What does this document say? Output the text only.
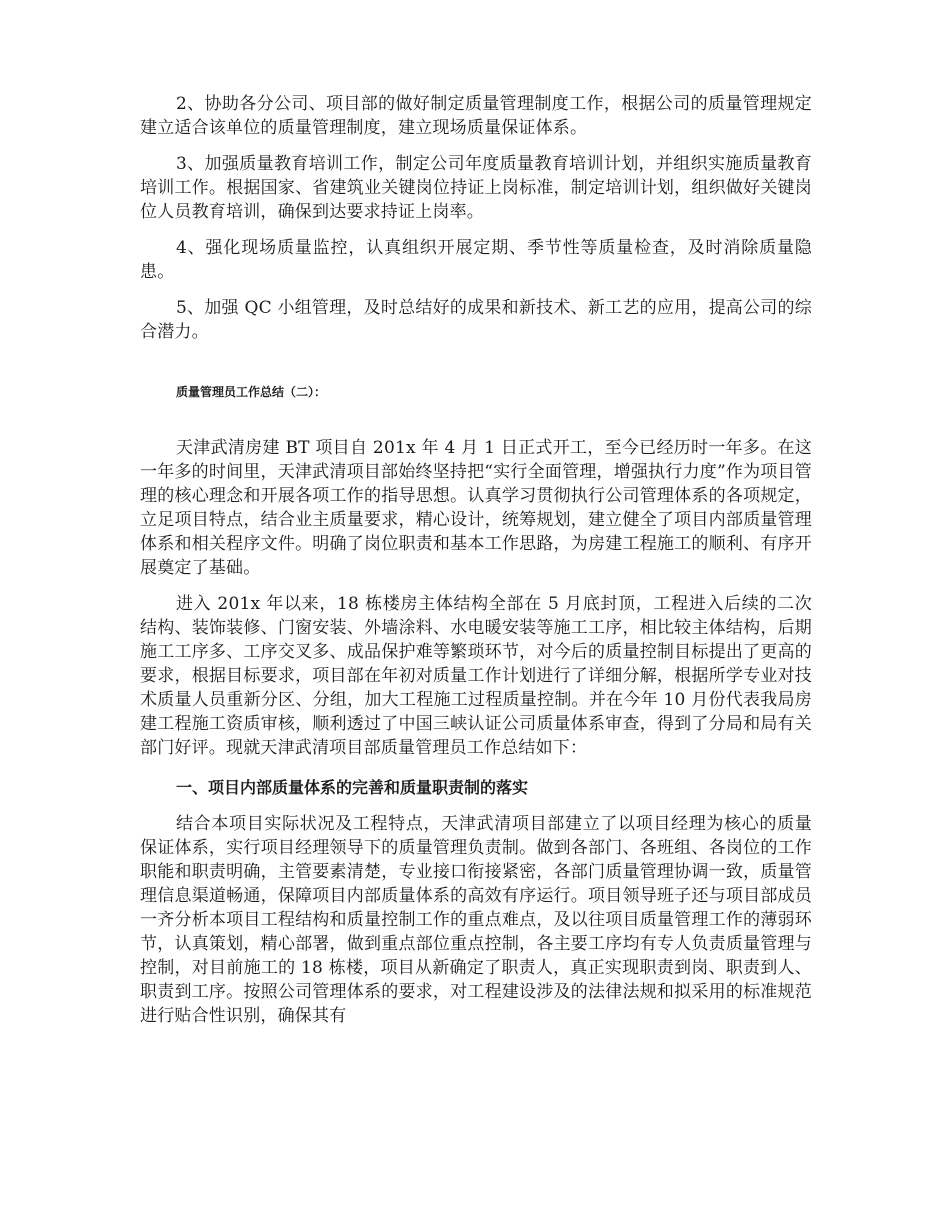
2、协助各分公司、项目部的做好制定质量管理制度工作，根据公司的质量管理规定建立适合该单位的质量管理制度，建立现场质量保证体系。

3、加强质量教育培训工作，制定公司年度质量教育培训计划，并组织实施质量教育培训工作。根据国家、省建筑业关键岗位持证上岗标准，制定培训计划，组织做好关键岗位人员教育培训，确保到达要求持证上岗率。

4、强化现场质量监控，认真组织开展定期、季节性等质量检查，及时消除质量隐患。

5、加强 QC 小组管理，及时总结好的成果和新技术、新工艺的应用，提高公司的综合潜力。

质量管理员工作总结（二）：

天津武清房建 BT 项目自 201x 年 4 月 1 日正式开工，至今已经历时一年多。在这一年多的时间里，天津武清项目部始终坚持把“实行全面管理，增强执行力度”作为项目管理的核心理念和开展各项工作的指导思想。认真学习贯彻执行公司管理体系的各项规定，立足项目特点，结合业主质量要求，精心设计，统筹规划，建立健全了项目内部质量管理体系和相关程序文件。明确了岗位职责和基本工作思路，为房建工程施工的顺利、有序开展奠定了基础。

进入 201x 年以来，18 栋楼房主体结构全部在 5 月底封顶，工程进入后续的二次结构、装饰装修、门窗安装、外墙涂料、水电暖安装等施工工序，相比较主体结构，后期施工工序多、工序交叉多、成品保护难等繁琐环节，对今后的质量控制目标提出了更高的要求，根据目标要求，项目部在年初对质量工作计划进行了详细分解，根据所学专业对技术质量人员重新分区、分组，加大工程施工过程质量控制。并在今年 10 月份代表我局房建工程施工资质审核，顺利透过了中国三峡认证公司质量体系审查，得到了分局和局有关部门好评。现就天津武清项目部质量管理员工作总结如下：

一、项目内部质量体系的完善和质量职责制的落实

结合本项目实际状况及工程特点，天津武清项目部建立了以项目经理为核心的质量保证体系，实行项目经理领导下的质量管理负责制。做到各部门、各班组、各岗位的工作职能和职责明确，主管要素清楚，专业接口衔接紧密，各部门质量管理协调一致，质量管理信息渠道畅通，保障项目内部质量体系的高效有序运行。项目领导班子还与项目部成员一齐分析本项目工程结构和质量控制工作的重点难点，及以往项目质量管理工作的薄弱环节，认真策划，精心部署，做到重点部位重点控制，各主要工序均有专人负责质量管理与控制，对目前施工的 18 栋楼，项目从新确定了职责人，真正实现职责到岗、职责到人、职责到工序。按照公司管理体系的要求，对工程建设涉及的法律法规和拟采用的标准规范进行贴合性识别，确保其有
